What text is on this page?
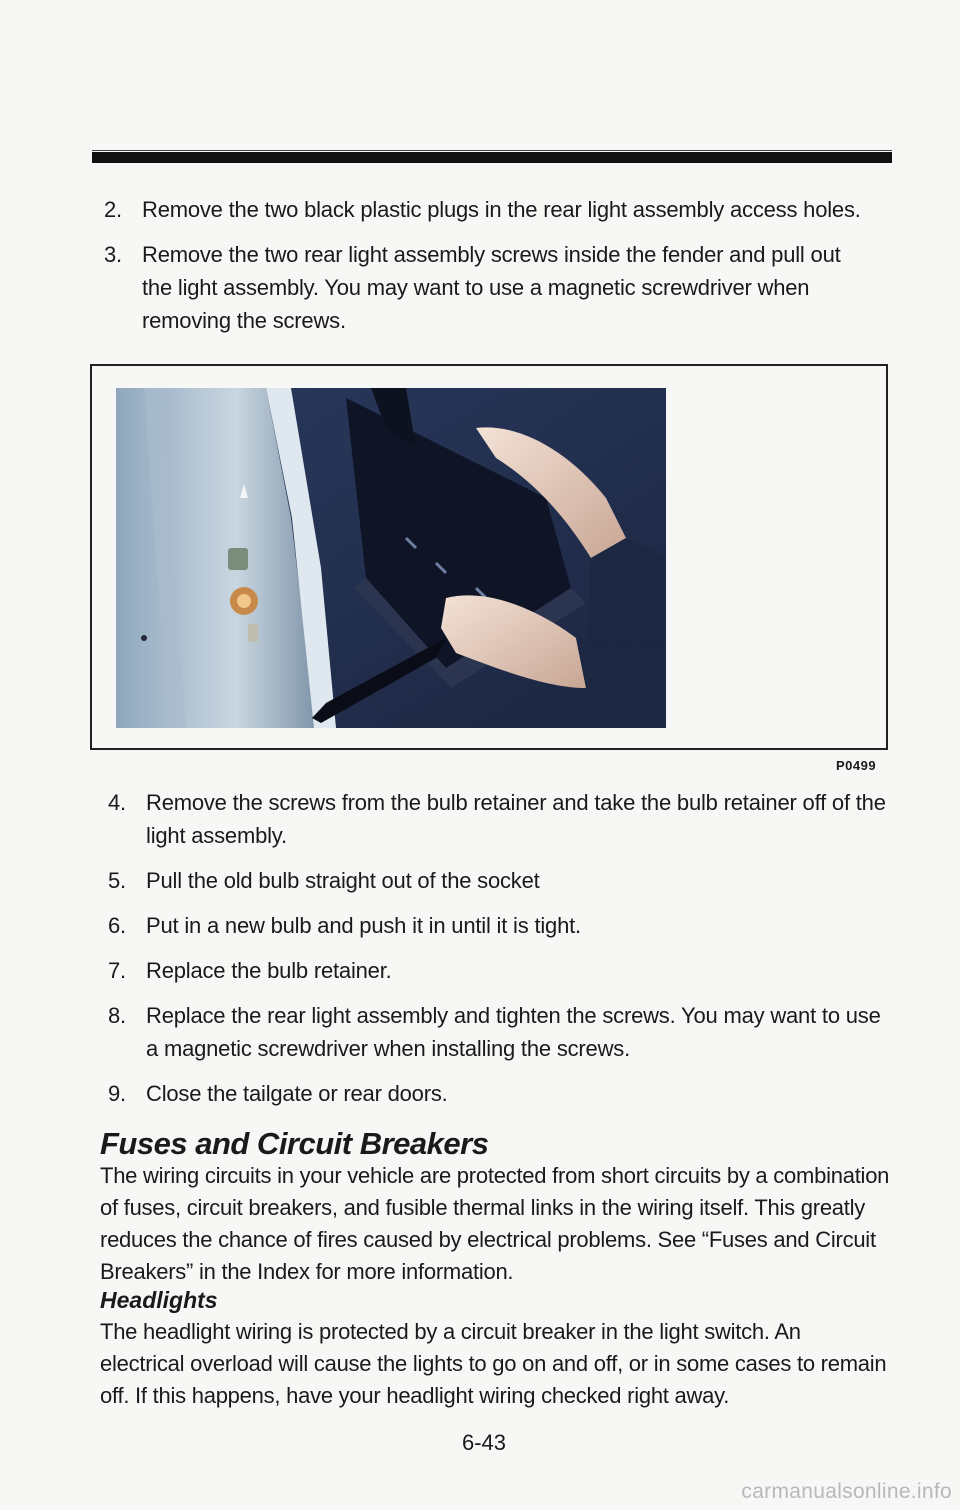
2. Remove the two black plastic plugs in the rear light assembly access holes.
3. Remove the two rear light assembly screws inside the fender and pull out the light assembly. You may want to use a magnetic screwdriver when removing the screws.
P0499
4. Remove the screws from the bulb retainer and take the bulb retainer off of the light assembly.
5. Pull the old bulb straight out of the socket
6. Put in a new bulb and push it in until it is tight.
7. Replace the bulb retainer.
8. Replace the rear light assembly and tighten the screws. You may want to use a magnetic screwdriver when installing the screws.
9. Close the tailgate or rear doors.
Fuses and Circuit Breakers

The wiring circuits in your vehicle are protected from short circuits by a combination of fuses, circuit breakers, and fusible thermal links in the wiring itself. This greatly reduces the chance of fires caused by electrical problems. See “Fuses and Circuit Breakers” in the Index for more information.

Headlights

The headlight wiring is protected by a circuit breaker in the light switch. An electrical overload will cause the lights to go on and off, or in some cases to remain off. If this happens, have your headlight wiring checked right away.

6-43
carmanualsonline.info
